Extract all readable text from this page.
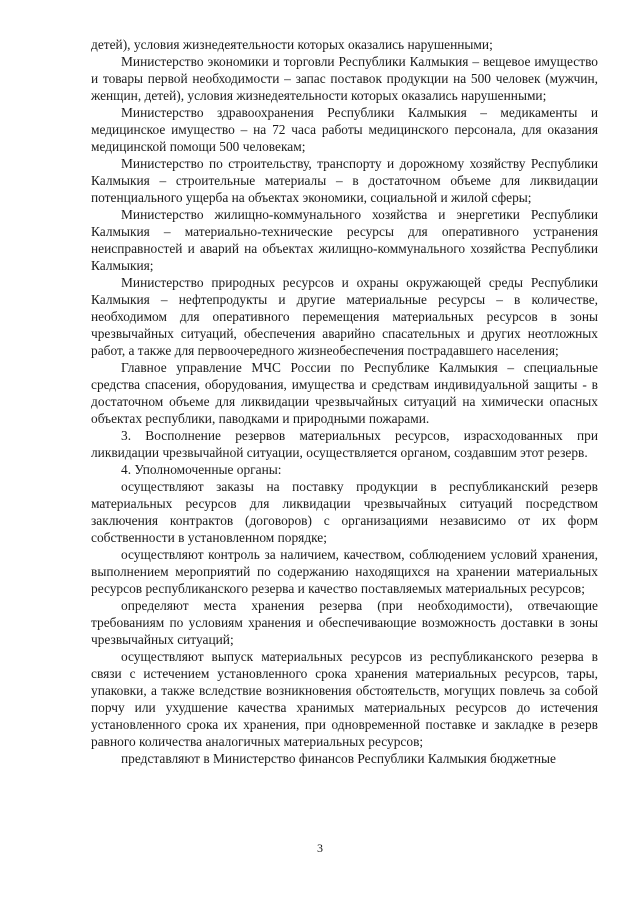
детей), условия жизнедеятельности которых оказались нарушенными;

Министерство экономики и торговли Республики Калмыкия – вещевое имущество и товары первой необходимости – запас поставок продукции на 500 человек (мужчин, женщин, детей), условия жизнедеятельности которых оказались нарушенными;

Министерство здравоохранения Республики Калмыкия – медикаменты и медицинское имущество – на 72 часа работы медицинского персонала, для оказания медицинской помощи 500 человекам;

Министерство по строительству, транспорту и дорожному хозяйству Республики Калмыкия – строительные материалы – в достаточном объеме для ликвидации потенциального ущерба на объектах экономики, социальной и жилой сферы;

Министерство жилищно-коммунального хозяйства и энергетики Республики Калмыкия – материально-технические ресурсы для оперативного устранения неисправностей и аварий на объектах жилищно-коммунального хозяйства Республики Калмыкия;

Министерство природных ресурсов и охраны окружающей среды Республики Калмыкия – нефтепродукты и другие материальные ресурсы – в количестве, необходимом для оперативного перемещения материальных ресурсов в зоны чрезвычайных ситуаций, обеспечения аварийно спасательных и других неотложных работ, а также для первоочередного жизнеобеспечения пострадавшего населения;

Главное управление МЧС России по Республике Калмыкия – специальные средства спасения, оборудования, имущества и средствам индивидуальной защиты - в достаточном объеме для ликвидации чрезвычайных ситуаций на химически опасных объектах республики, паводками и природными пожарами.

3. Восполнение резервов материальных ресурсов, израсходованных при ликвидации чрезвычайной ситуации, осуществляется органом, создавшим этот резерв.

4. Уполномоченные органы:

осуществляют заказы на поставку продукции в республиканский резерв материальных ресурсов для ликвидации чрезвычайных ситуаций посредством заключения контрактов (договоров) с организациями независимо от их форм собственности в установленном порядке;

осуществляют контроль за наличием, качеством, соблюдением условий хранения, выполнением мероприятий по содержанию находящихся на хранении материальных ресурсов республиканского резерва и качество поставляемых материальных ресурсов;

определяют места хранения резерва (при необходимости), отвечающие требованиям по условиям хранения и обеспечивающие возможность доставки в зоны чрезвычайных ситуаций;

осуществляют выпуск материальных ресурсов из республиканского резерва в связи с истечением установленного срока хранения материальных ресурсов, тары, упаковки, а также вследствие возникновения обстоятельств, могущих повлечь за собой порчу или ухудшение качества хранимых материальных ресурсов до истечения установленного срока их хранения, при одновременной поставке и закладке в резерв равного количества аналогичных материальных ресурсов;

представляют в Министерство финансов Республики Калмыкия бюджетные

3
